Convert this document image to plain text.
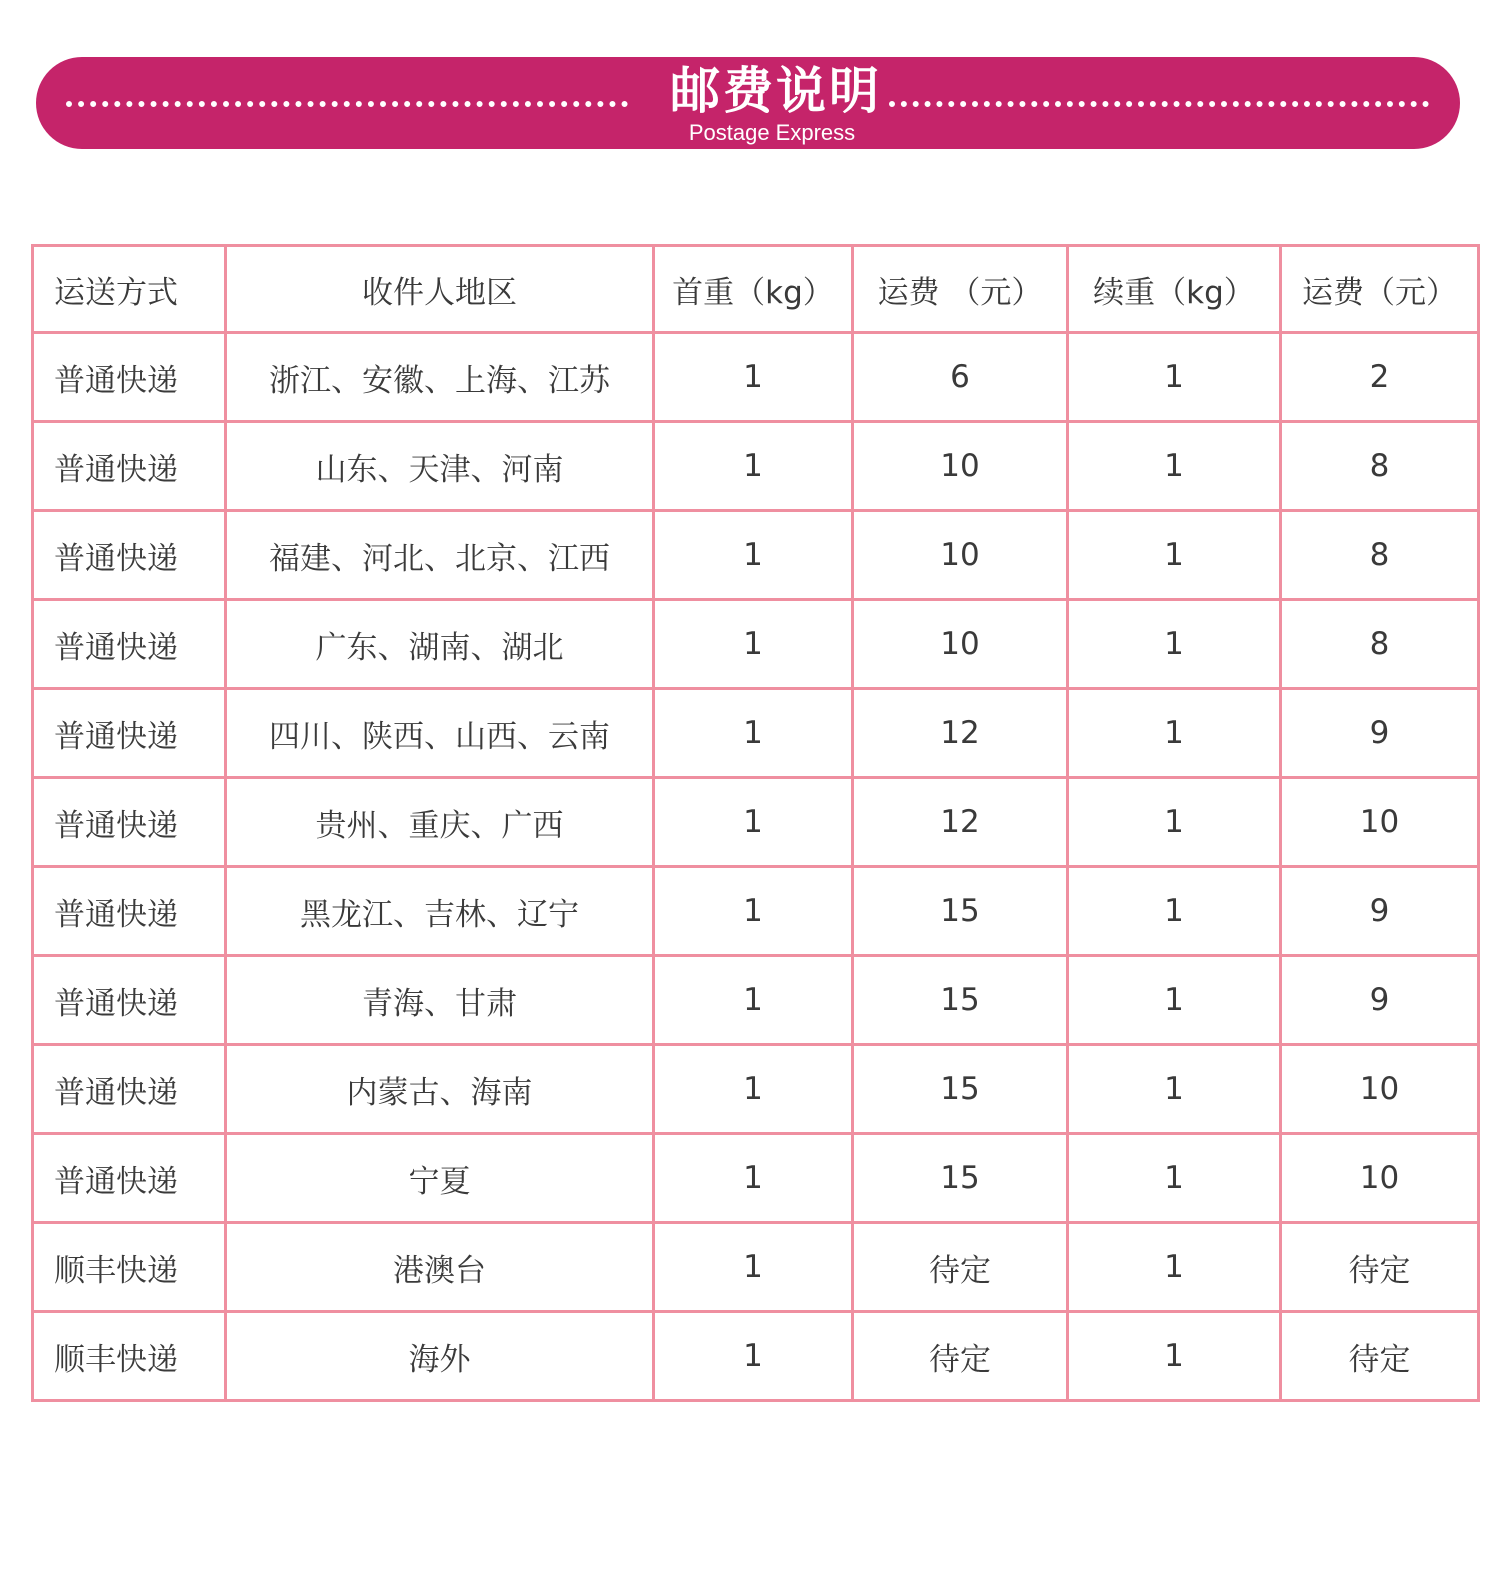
邮费说明
Postage Express
运送方式	收件人地区	首重（kg）	运费 （元）	续重（kg）	运费（元）
普通快递	浙江、安徽、上海、江苏	1	6	1	2
普通快递	山东、天津、河南	1	10	1	8
普通快递	福建、河北、北京、江西	1	10	1	8
普通快递	广东、湖南、湖北	1	10	1	8
普通快递	四川、陕西、山西、云南	1	12	1	9
普通快递	贵州、重庆、广西	1	12	1	10
普通快递	黑龙江、吉林、辽宁	1	15	1	9
普通快递	青海、甘肃	1	15	1	9
普通快递	内蒙古、海南	1	15	1	10
普通快递	宁夏	1	15	1	10
顺丰快递	港澳台	1	待定	1	待定
顺丰快递	海外	1	待定	1	待定
